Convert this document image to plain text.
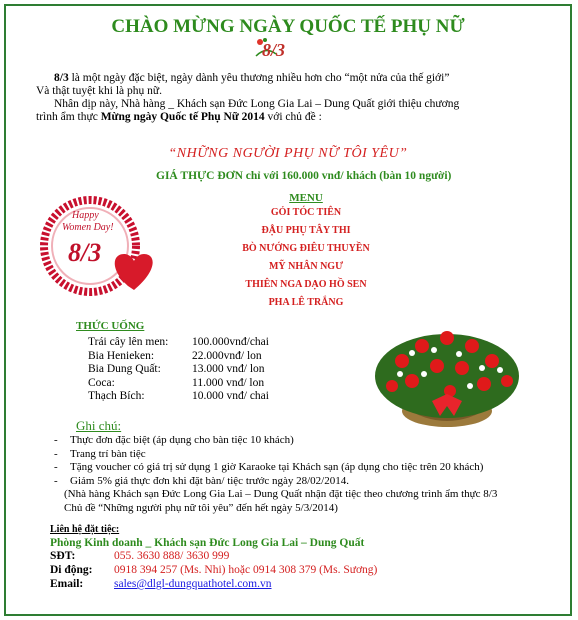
CHÀO MỪNG NGÀY QUỐC TẾ PHỤ NỮ
8/3
8/3 là một ngày đặc biệt, ngày dành yêu thương nhiều hơn cho “một nửa của thế giới”
Và thật tuyệt khi là phụ nữ.
Nhân dịp này, Nhà hàng _ Khách sạn Đức Long Gia Lai – Dung Quất giới thiệu chương
trình ẩm thực Mừng ngày Quốc tế Phụ Nữ 2014 với chủ đề :
“NHỮNG NGƯỜI PHỤ NỮ TÔI YÊU”
GIÁ THỰC ĐƠN chỉ với 160.000 vnđ/ khách (bàn 10 người)
Happy
Women Day!
8/3
MENU
GỎI TÓC TIÊN
ĐẬU PHỤ TÂY THI
BÒ NƯỚNG ĐIÊU THUYỀN
MỸ NHÂN NGƯ
THIÊN NGA DẠO HỒ SEN
PHA LÊ TRẮNG
THỨC UỐNG
Trái cây lên men: 100.000vnđ/chai
Bia Henieken:	22.000vnđ/ lon
Bia Dung Quất:	13.000 vnđ/ lon
Coca:	11.000 vnđ/ lon
Thạch Bích:	10.000 vnđ/ chai
Ghi chú:
- Thực đơn đặc biệt (áp dụng cho bàn tiệc 10 khách)
- Trang trí bàn tiệc
- Tặng voucher có giá trị sử dụng 1 giờ Karaoke tại Khách sạn (áp dụng cho tiệc trên 20 khách)
- Giảm 5% giá thực đơn khi đặt bàn/ tiệc trước ngày 28/02/2014.
(Nhà hàng Khách sạn Đức Long Gia Lai – Dung Quất nhận đặt tiệc theo chương trình ẩm thực 8/3
Chủ đề “Những người phụ nữ tôi yêu” đến hết ngày 5/3/2014)
Liên hệ đặt tiệc:
Phòng Kinh doanh _ Khách sạn Đức Long Gia Lai – Dung Quất
SĐT:	055. 3630 888/ 3630 999
Di động: 0918 394 257 (Ms. Nhi) hoặc 0914 308 379 (Ms. Sương)
Email:	sales@dlgl-dungquathotel.com.vn
